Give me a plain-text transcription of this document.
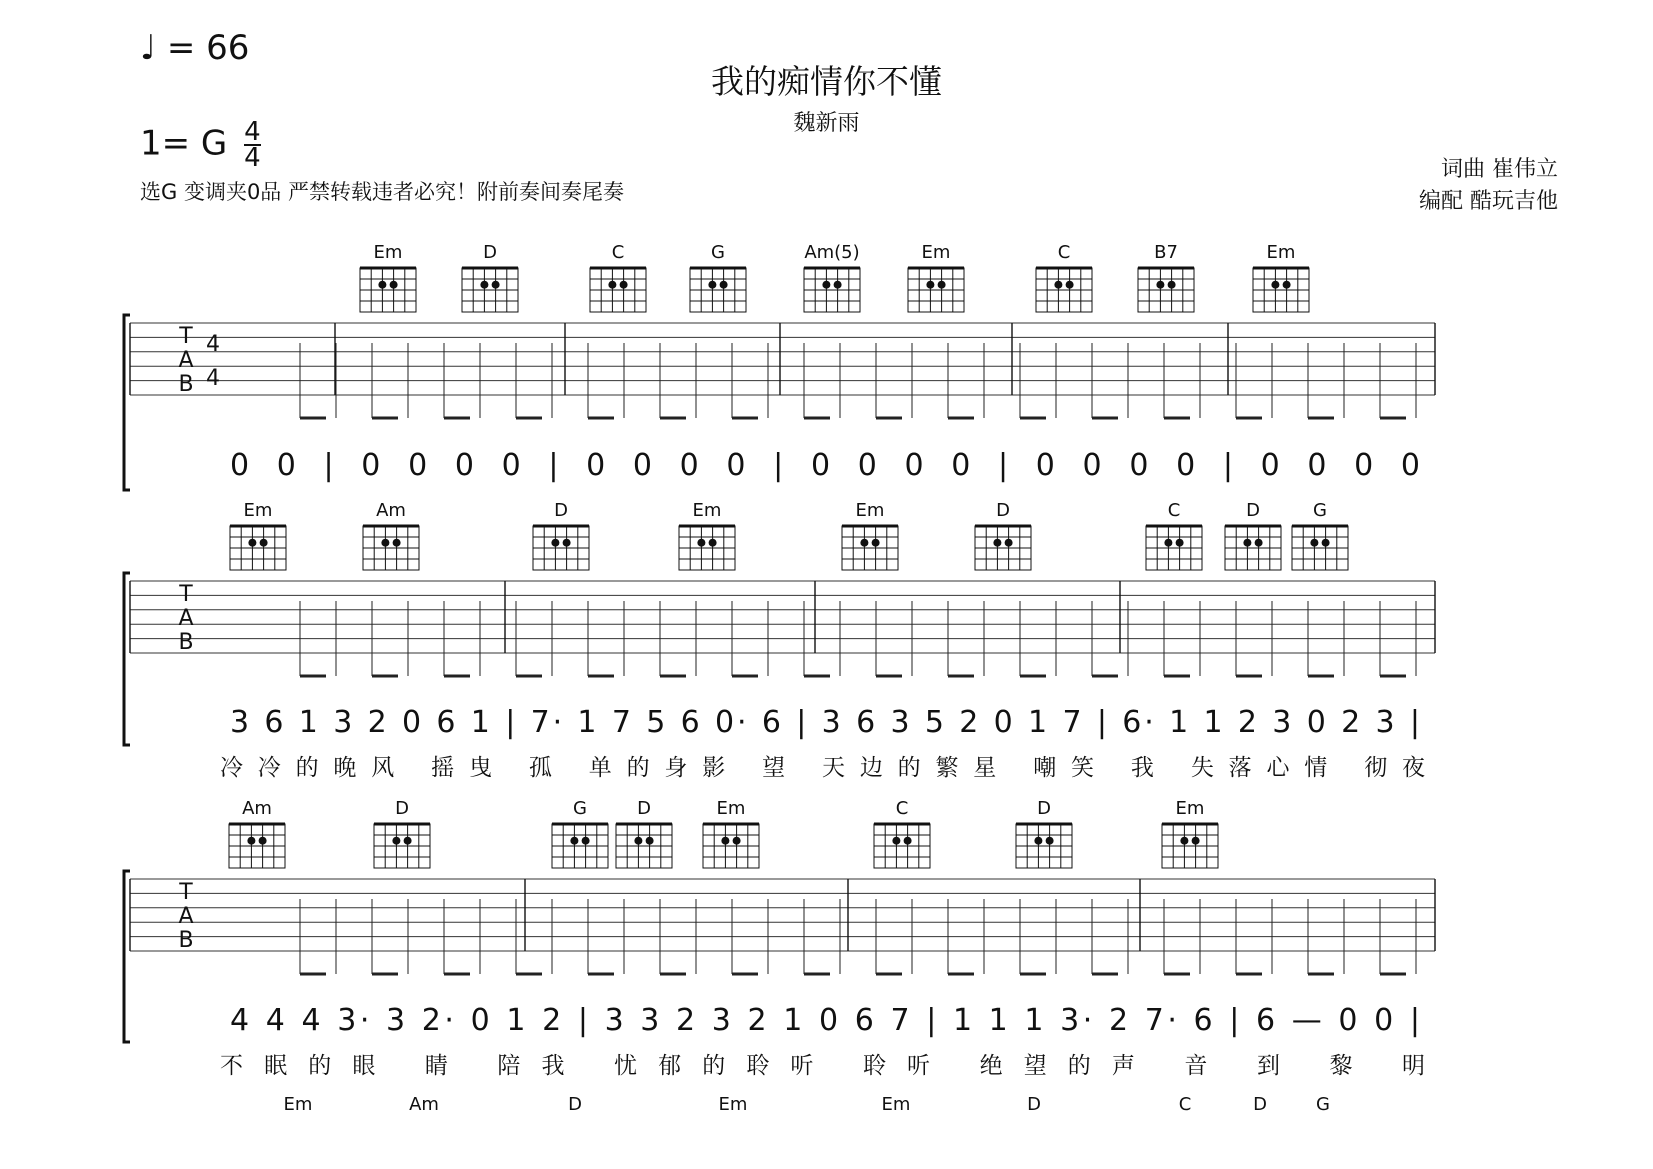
♩ = 66
我的痴情你不懂
魏新雨
1= G $\frac{4}{4}$
选G 变调夹0品 严禁转载违者必究！附前奏间奏尾奏
词曲 崔伟立
编配 酷玩吉他
Em	D	C	G	Am(5)	Em	C	B7	Em
T
A
B
0 0 | 0 0 0 0 | 0 0 0 0 | 0 0 0 0 | 0 0 0 0 | 0 0 0 0
4
4
Em	Am	D	Em	Em	D	C	D	G
T
A
B
3 6 1 3 2 0 6 1 | 7· 1 7 5 6 0· 6 | 3 6 3 5 2 0 1 7 | 6· 1 1 2 3 0 2 3 |
冷冷的晚风 摇曳 孤 单的身影 望 天边的繁星 嘲笑 我 失落心情 彻夜
Am	D	G	D	Em	C	D	Em
T
A
B
4 4 4 3· 3 2· 0 1 2 | 3 3 2 3 2 1 0 6 7 | 1 1 1 3· 2 7· 6 | 6 — 0 0 |
不眠的眼 睛 陪我 忧郁的聆听 聆听 绝望的声 音 到 黎 明
Em	Am	D	Em	Em	D	C	D	G
